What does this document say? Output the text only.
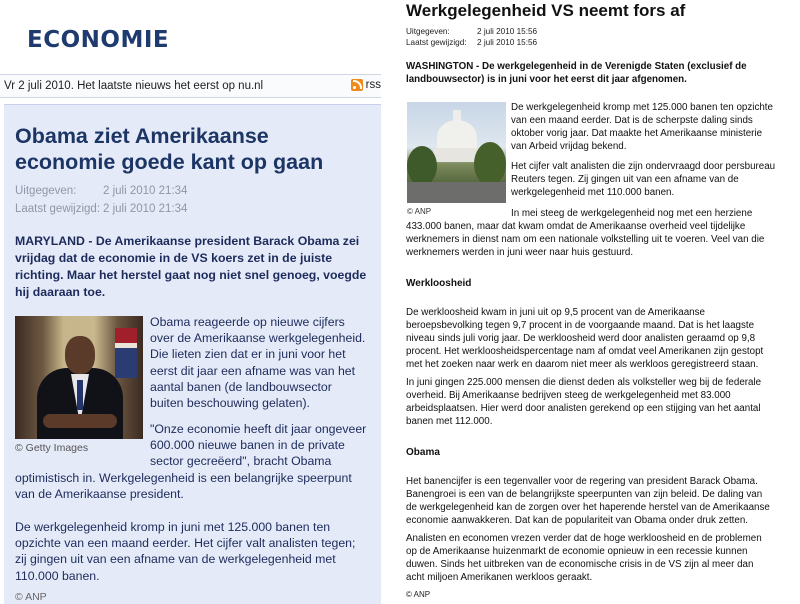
ECONOMIE
Vr 2 juli 2010. Het laatste nieuws het eerst op nu.nl	rss
Obama ziet Amerikaanse
economie goede kant op gaan
Uitgegeven: 2 juli 2010 21:34
Laatst gewijzigd: 2 juli 2010 21:34
MARYLAND - De Amerikaanse president Barack Obama zei vrijdag dat de economie in de VS koers zet in de juiste richting. Maar het herstel gaat nog niet snel genoeg, voegde hij daaraan toe.
© Getty Images
Obama reageerde op nieuwe cijfers
over de Amerikaanse werkgelegenheid.
Die lieten zien dat er in juni voor het
eerst dit jaar een afname was van het
aantal banen (de landbouwsector
buiten beschouwing gelaten).
"Onze economie heeft dit jaar ongeveer
600.000 nieuwe banen in de private
sector gecreëerd", bracht Obama
optimistisch in. Werkgelegenheid is een belangrijke speerpunt
van de Amerikaanse president.
De werkgelegenheid kromp in juni met 125.000 banen ten
opzichte van een maand eerder. Het cijfer valt analisten tegen;
zij gingen uit van een afname van de werkgelegenheid met
110.000 banen.
© ANP
Werkgelegenheid VS neemt fors af
Uitgegeven:	2 juli 2010 15:56
Laatst gewijzigd: 2 juli 2010 15:56
WASHINGTON - De werkgelegenheid in de Verenigde Staten (exclusief de landbouwsector) is in juni voor het eerst dit jaar afgenomen.
© ANP
De werkgelegenheid kromp met 125.000 banen ten opzichte
van een maand eerder. Dat is de scherpste daling sinds
oktober vorig jaar. Dat maakte het Amerikaanse ministerie
van Arbeid vrijdag bekend.
Het cijfer valt analisten die zijn ondervraagd door persbureau
Reuters tegen. Zij gingen uit van een afname van de
werkgelegenheid met 110.000 banen.
In mei steeg de werkgelegenheid nog met een herziene
433.000 banen, maar dat kwam omdat de Amerikaanse overheid veel tijdelijke
werknemers in dienst nam om een nationale volkstelling uit te voeren. Veel van die
werknemers werden in juni weer naar huis gestuurd.
Werkloosheid
De werkloosheid kwam in juni uit op 9,5 procent van de Amerikaanse
beroepsbevolking tegen 9,7 procent in de voorgaande maand. Dat is het laagste
niveau sinds juli vorig jaar. De werkloosheid werd door analisten geraamd op 9,8
procent. Het werkloosheidspercentage nam af omdat veel Amerikanen zijn gestopt
met het zoeken naar werk en daarom niet meer als werkloos geregistreerd staan.
In juni gingen 225.000 mensen die dienst deden als volksteller weg bij de federale
overheid. Bij Amerikaanse bedrijven steeg de werkgelegenheid met 83.000
arbeidsplaatsen. Hier werd door analisten gerekend op een stijging van het aantal
banen met 112.000.
Obama
Het banencijfer is een tegenvaller voor de regering van president Barack Obama.
Banengroei is een van de belangrijkste speerpunten van zijn beleid. De daling van
de werkgelegenheid kan de zorgen over het haperende herstel van de Amerikaanse
economie aanwakkeren. Dat kan de populariteit van Obama onder druk zetten.
Analisten en economen vrezen verder dat de hoge werkloosheid en de problemen
op de Amerikaanse huizenmarkt de economie opnieuw in een recessie kunnen
duwen. Sinds het uitbreken van de economische crisis in de VS zijn al meer dan
acht miljoen Amerikanen werkloos geraakt.
© ANP
